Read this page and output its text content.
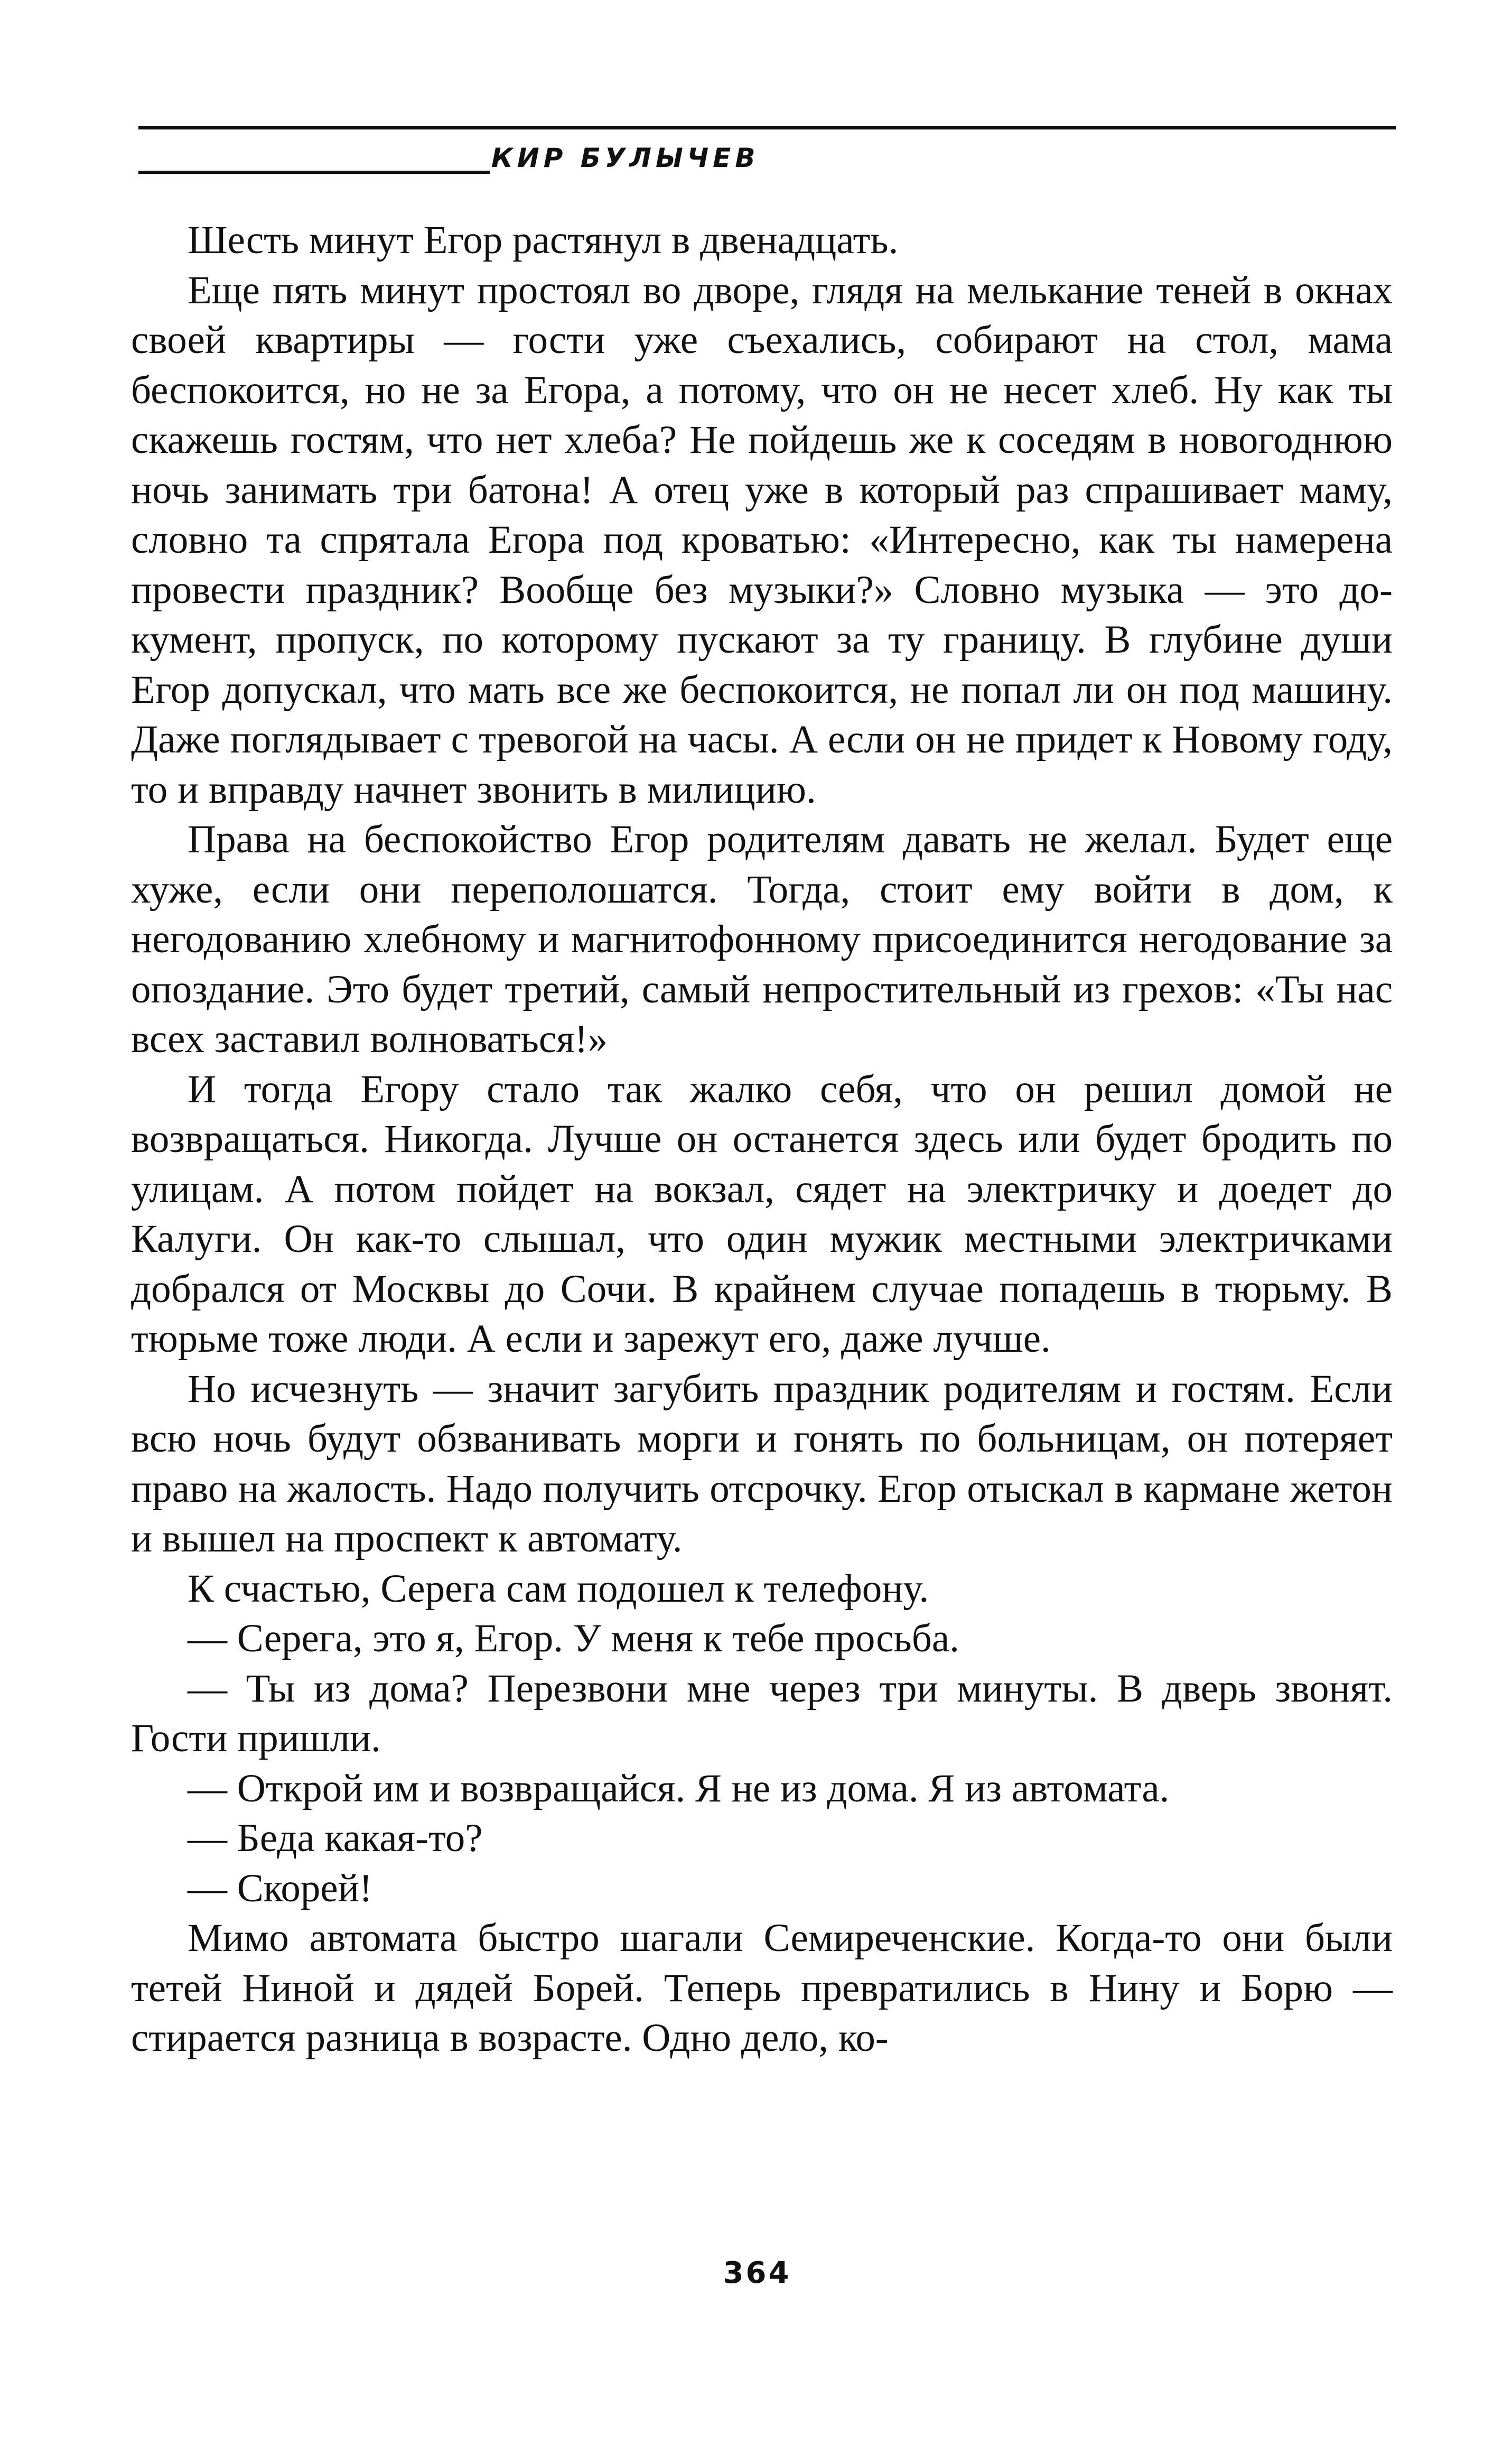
КИР БУЛЫЧЕВ

Шесть минут Егор растянул в двенадцать.

Еще пять минут простоял во дворе, глядя на мелькание теней в окнах своей квартиры — гости уже съехались, собирают на стол, мама беспокоится, но не за Егора, а потому, что он не несет хлеб. Ну как ты скажешь гостям, что нет хлеба? Не пойдешь же к соседям в новогоднюю ночь занимать три батона! А отец уже в который раз спрашивает маму, словно та спрятала Егора под кроватью: «Интересно, как ты намерена провести праздник? Вообще без музыки?» Словно музыка — это документ, пропуск, по которому пускают за ту границу. В глубине души Егор допускал, что мать все же беспокоится, не попал ли он под машину. Даже поглядывает с тревогой на часы. А если он не придет к Новому году, то и вправду начнет звонить в милицию.

Права на беспокойство Егор родителям давать не желал. Будет еще хуже, если они переполошатся. Тогда, стоит ему войти в дом, к негодованию хлебному и магнитофонному присоединится негодование за опоздание. Это будет третий, самый непростительный из грехов: «Ты нас всех заставил волноваться!»

И тогда Егору стало так жалко себя, что он решил домой не возвращаться. Никогда. Лучше он останется здесь или будет бродить по улицам. А потом пойдет на вокзал, сядет на электричку и доедет до Калуги. Он как-то слышал, что один мужик местными электричками добрался от Москвы до Сочи. В крайнем случае попадешь в тюрьму. В тюрьме тоже люди. А если и зарежут его, даже лучше.

Но исчезнуть — значит загубить праздник родителям и гостям. Если всю ночь будут обзванивать морги и гонять по больницам, он потеряет право на жалость. Надо получить отсрочку. Егор отыскал в кармане жетон и вышел на проспект к автомату.

К счастью, Серега сам подошел к телефону.

— Серега, это я, Егор. У меня к тебе просьба.

— Ты из дома? Перезвони мне через три минуты. В дверь звонят. Гости пришли.

— Открой им и возвращайся. Я не из дома. Я из автомата.

— Беда какая-то?

— Скорей!

Мимо автомата быстро шагали Семиреченские. Когда-то они были тетей Ниной и дядей Борей. Теперь превратились в Нину и Борю — стирается разница в возрасте. Одно дело, ко-

364
